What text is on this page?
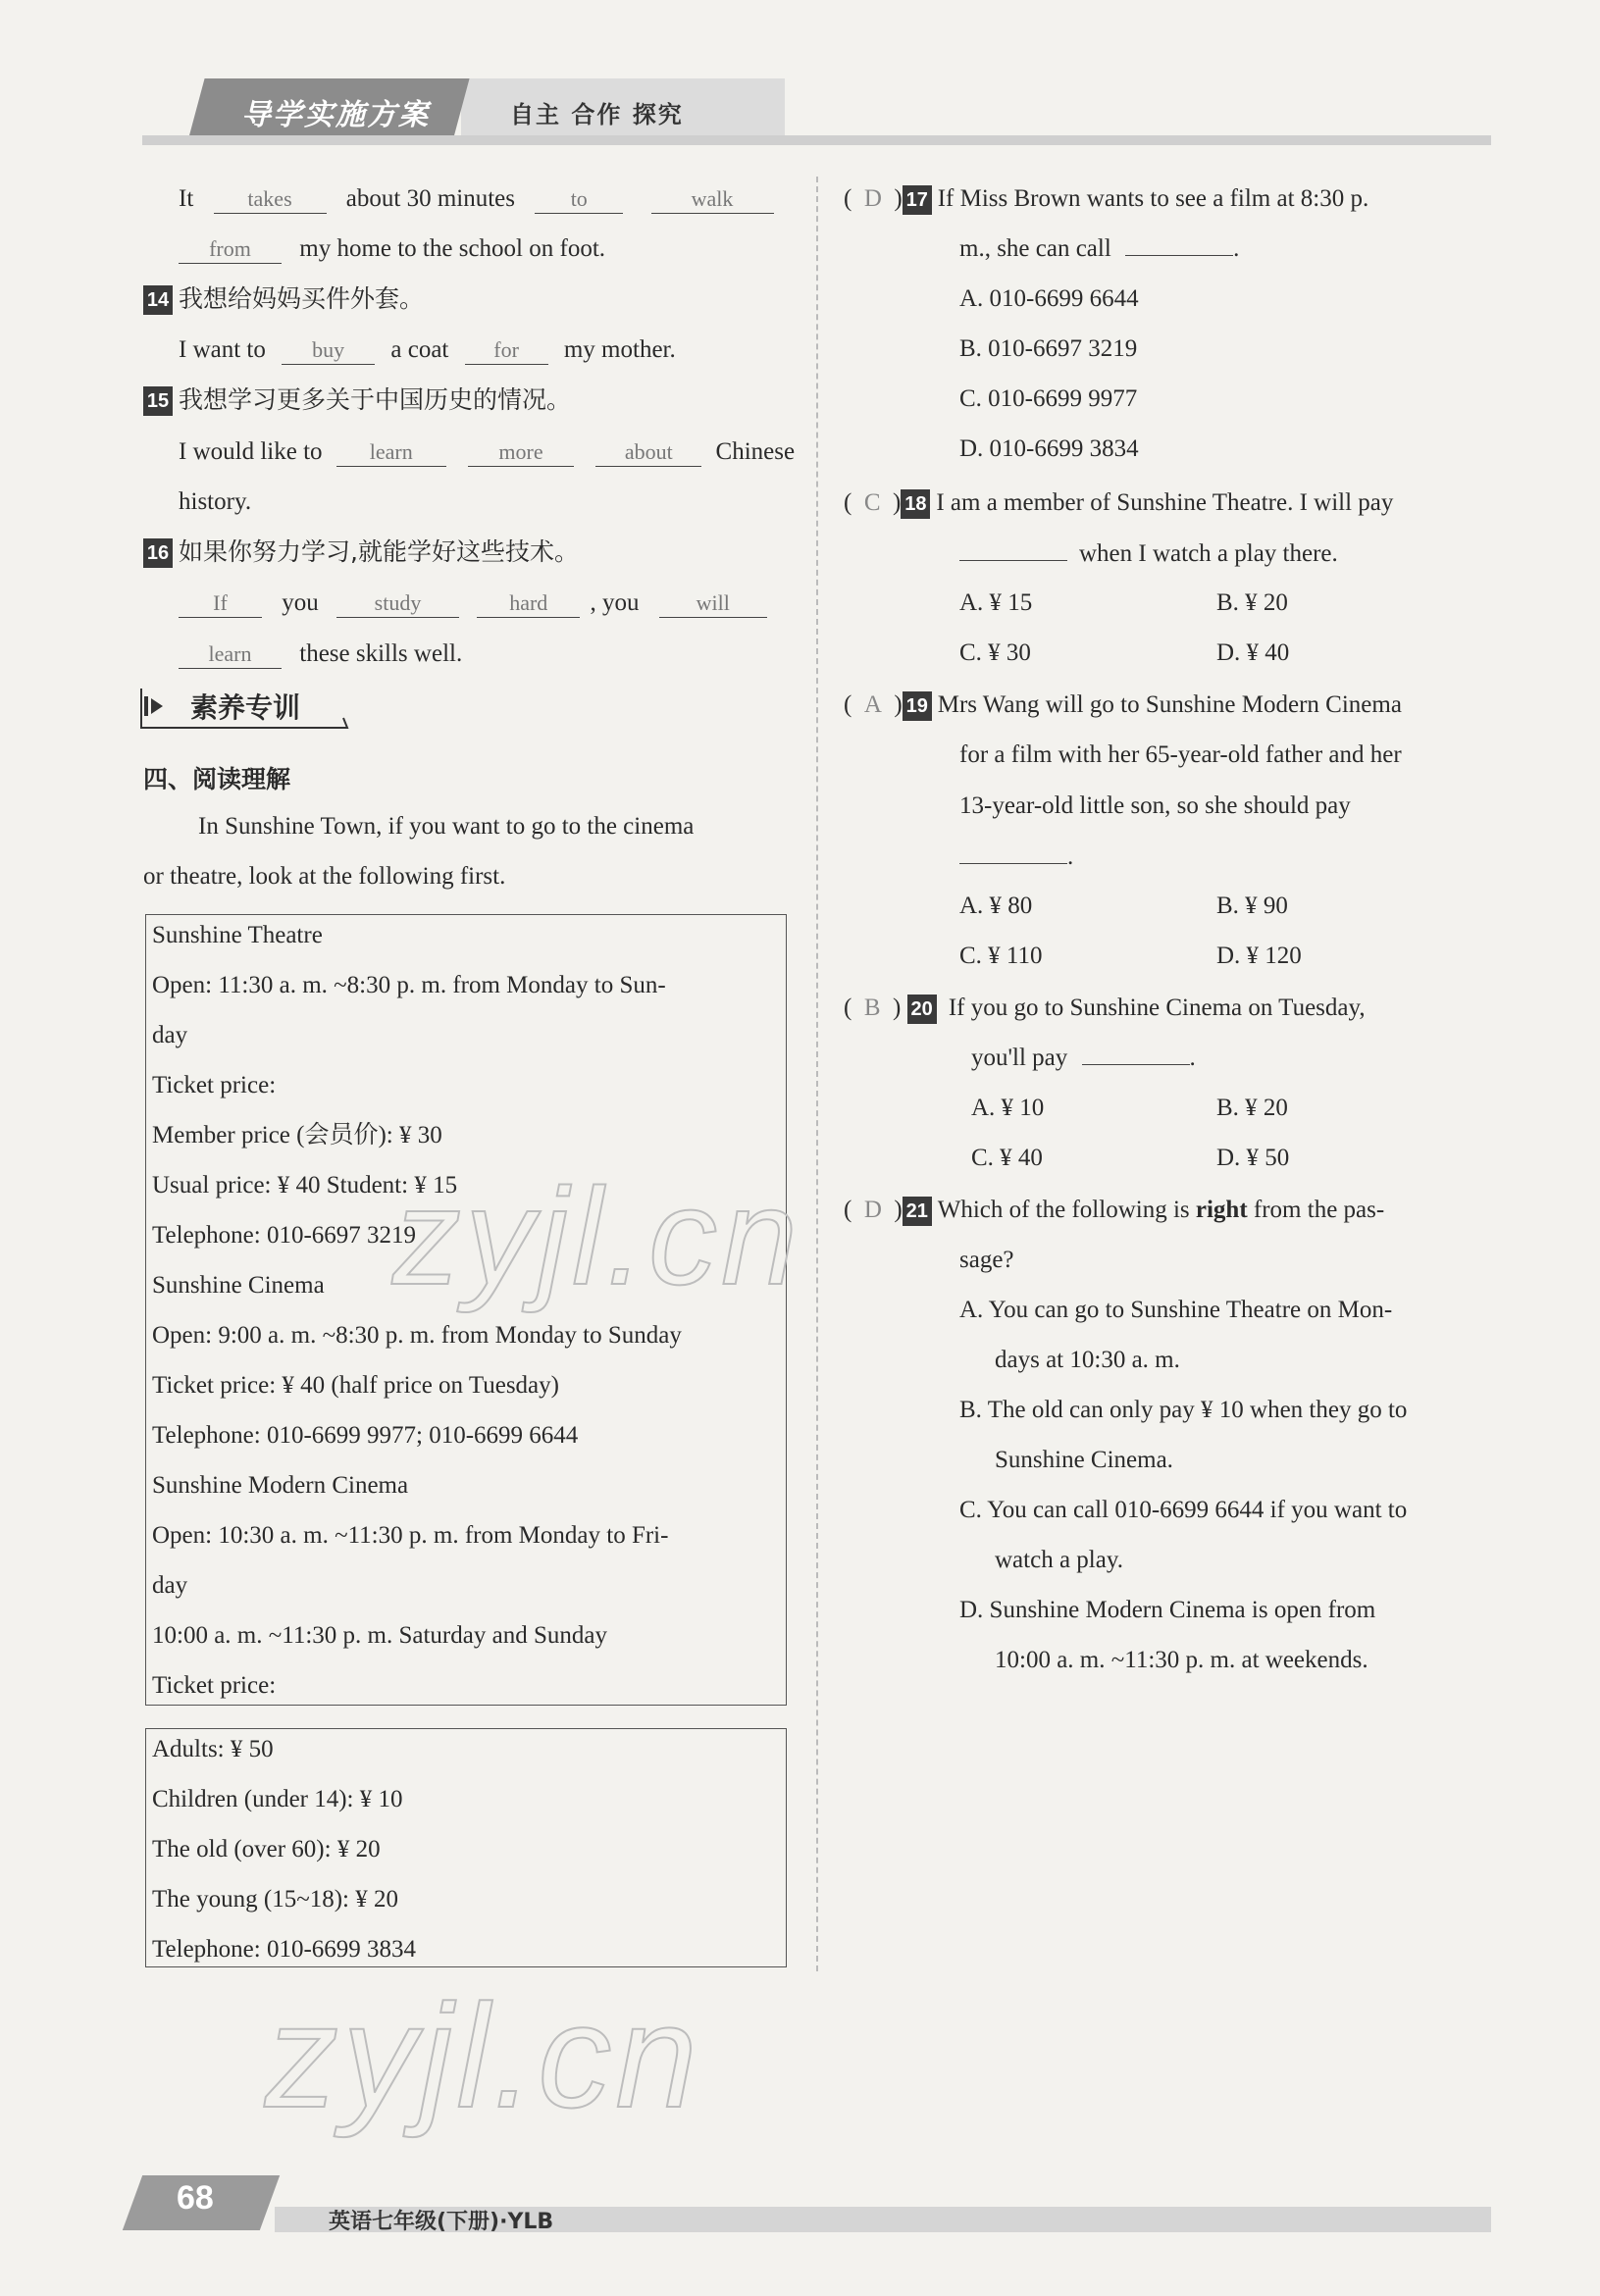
导学实施方案	自主 合作 探究
It	takes about 30 minutes	to	walk
from my home to the school on foot.
14 我想给妈妈买件外套。
I want to buy a coat for my mother.
15 我想学习更多关于中国历史的情况。
I would like to learn	more	about Chinese
history.
16 如果你努力学习,就能学好这些技术。
If you	study	hard , you	will
learn these skills well.
素养专训
四、阅读理解
In Sunshine Town, if you want to go to the cinema
or theatre, look at the following first.
Sunshine Theatre
Open: 11:30 a. m. ~8:30 p. m. from Monday to Sun-
day
Ticket price:
Member price (会员价): ¥ 30
Usual price: ¥ 40 Student: ¥ 15
Telephone: 010-6697 3219
Sunshine Cinema
Open: 9:00 a. m. ~8:30 p. m. from Monday to Sunday
Ticket price: ¥ 40 (half price on Tuesday)
Telephone: 010-6699 9977; 010-6699 6644
Sunshine Modern Cinema
Open: 10:30 a. m. ~11:30 p. m. from Monday to Fri-
day
10:00 a. m. ~11:30 p. m. Saturday and Sunday
Ticket price:
Adults: ¥ 50
Children (under 14): ¥ 10
The old (over 60): ¥ 20
The young (15~18): ¥ 20
Telephone: 010-6699 3834
(  D  ) 17 If Miss Brown wants to see a film at 8:30 p.
m., she can call	.
A. 010-6699 6644
B. 010-6697 3219
C. 010-6699 9977
D. 010-6699 3834
(  C  ) 18 I am a member of Sunshine Theatre. I will pay
when I watch a play there.
A. ¥ 15	B. ¥ 20
C. ¥ 30	D. ¥ 40
(  A  ) 19 Mrs Wang will go to Sunshine Modern Cinema
for a film with her 65-year-old father and her
13-year-old little son, so she should pay
.
A. ¥ 80	B. ¥ 90
C. ¥ 110	D. ¥ 120
(  B  ) 20 If you go to Sunshine Cinema on Tuesday,
you'll pay	.
A. ¥ 10	B. ¥ 20
C. ¥ 40	D. ¥ 50
(  D  ) 21 Which of the following is right from the pas-
sage?
A. You can go to Sunshine Theatre on Mon-
days at 10:30 a. m.
B. The old can only pay ¥ 10 when they go to
Sunshine Cinema.
C. You can call 010-6699 6644 if you want to
watch a play.
D. Sunshine Modern Cinema is open from
10:00 a. m. ~11:30 p. m. at weekends.
zyjl.cn
zyjl.cn
68
英语七年级(下册)·YLB
